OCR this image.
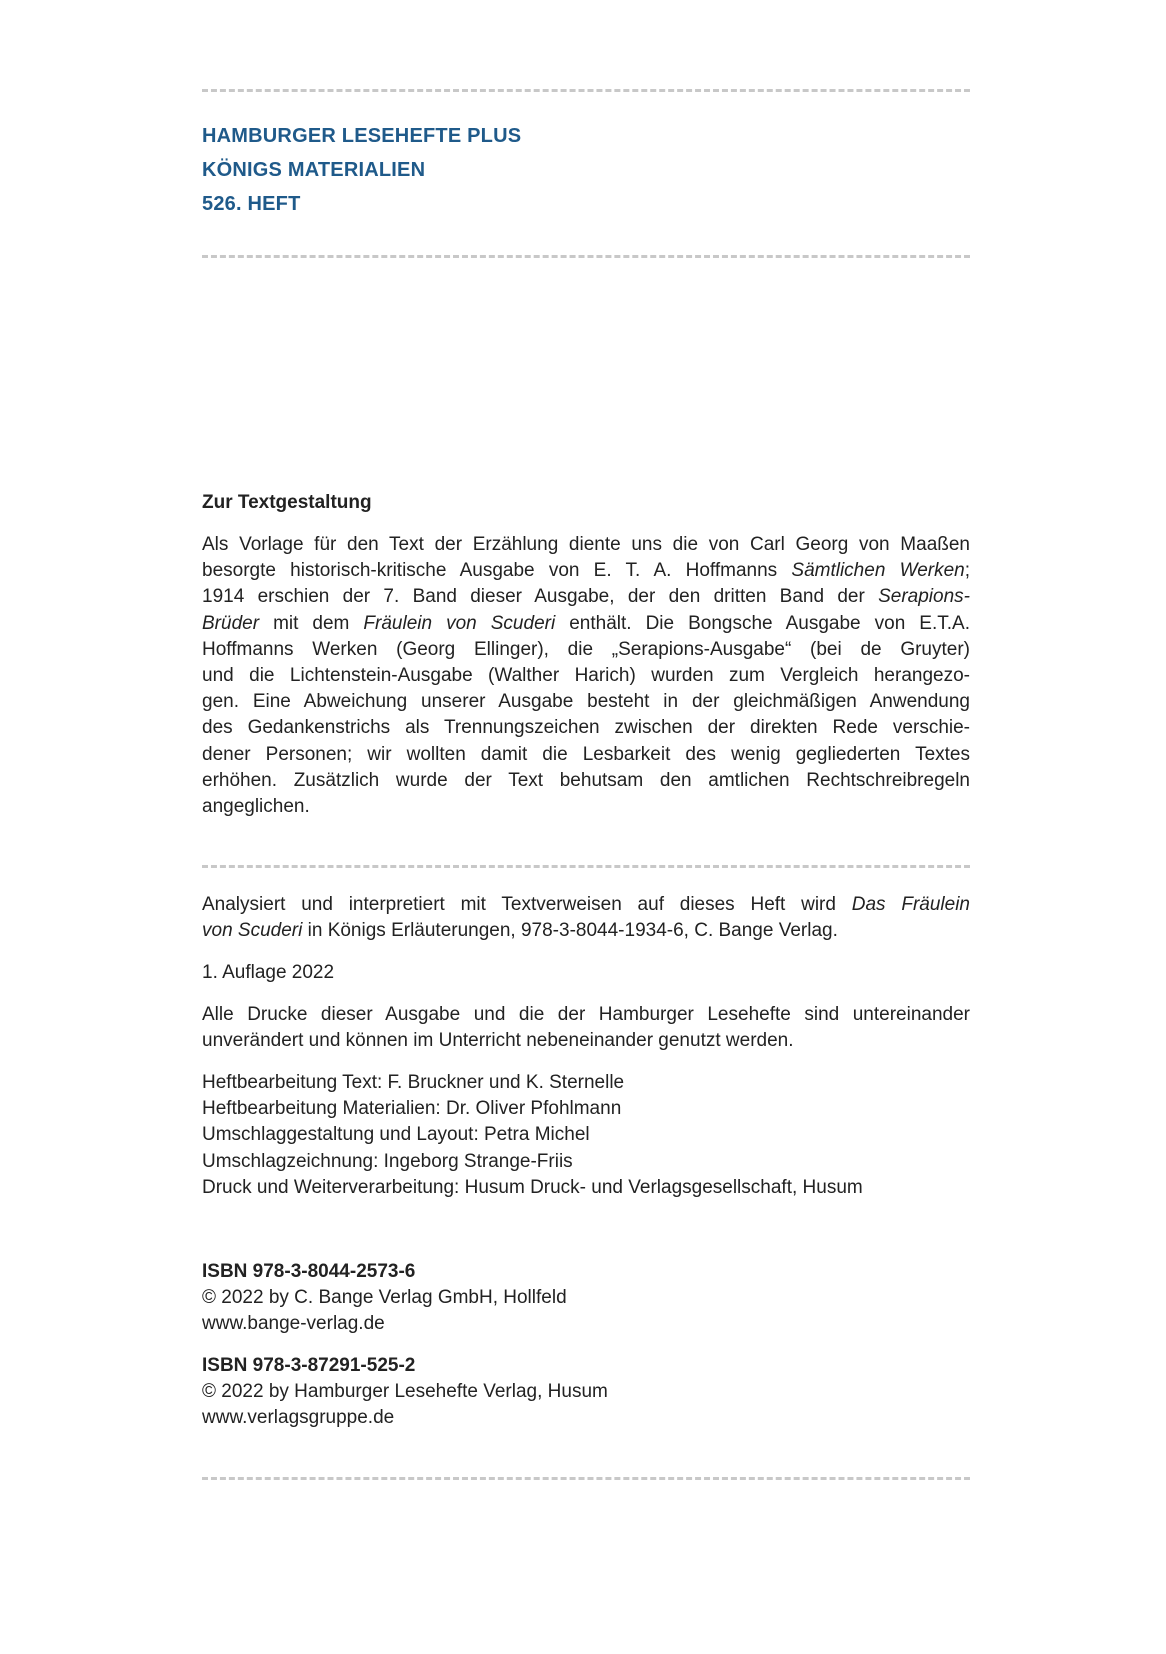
HAMBURGER LESEHEFTE PLUS
KÖNIGS MATERIALIEN
526. HEFT
Zur Textgestaltung
Als Vorlage für den Text der Erzählung diente uns die von Carl Georg von Maaßen
besorgte historisch-kritische Ausgabe von E. T. A. Hoffmanns Sämtlichen Werken;
1914 erschien der 7. Band dieser Ausgabe, der den dritten Band der Serapions-
Brüder mit dem Fräulein von Scuderi enthält. Die Bongsche Ausgabe von E.T.A.
Hoffmanns Werken (Georg Ellinger), die „Serapions-Ausgabe“ (bei de Gruyter)
und die Lichtenstein-Ausgabe (Walther Harich) wurden zum Vergleich herangezo-
gen. Eine Abweichung unserer Ausgabe besteht in der gleichmäßigen Anwendung
des Gedankenstrichs als Trennungszeichen zwischen der direkten Rede verschie-
dener Personen; wir wollten damit die Lesbarkeit des wenig gegliederten Textes
erhöhen. Zusätzlich wurde der Text behutsam den amtlichen Rechtschreibregeln
angeglichen.
Analysiert und interpretiert mit Textverweisen auf dieses Heft wird Das Fräulein
von Scuderi in Königs Erläuterungen, 978-3-8044-1934-6, C. Bange Verlag.
1. Auflage 2022
Alle Drucke dieser Ausgabe und die der Hamburger Lesehefte sind untereinander
unverändert und können im Unterricht nebeneinander genutzt werden.
Heftbearbeitung Text: F. Bruckner und K. Sternelle
Heftbearbeitung Materialien: Dr. Oliver Pfohlmann
Umschlaggestaltung und Layout: Petra Michel
Umschlagzeichnung: Ingeborg Strange-Friis
Druck und Weiterverarbeitung: Husum Druck- und Verlagsgesellschaft, Husum
ISBN 978-3-8044-2573-6
© 2022 by C. Bange Verlag GmbH, Hollfeld
www.bange-verlag.de
ISBN 978-3-87291-525-2
© 2022 by Hamburger Lesehefte Verlag, Husum
www.verlagsgruppe.de
